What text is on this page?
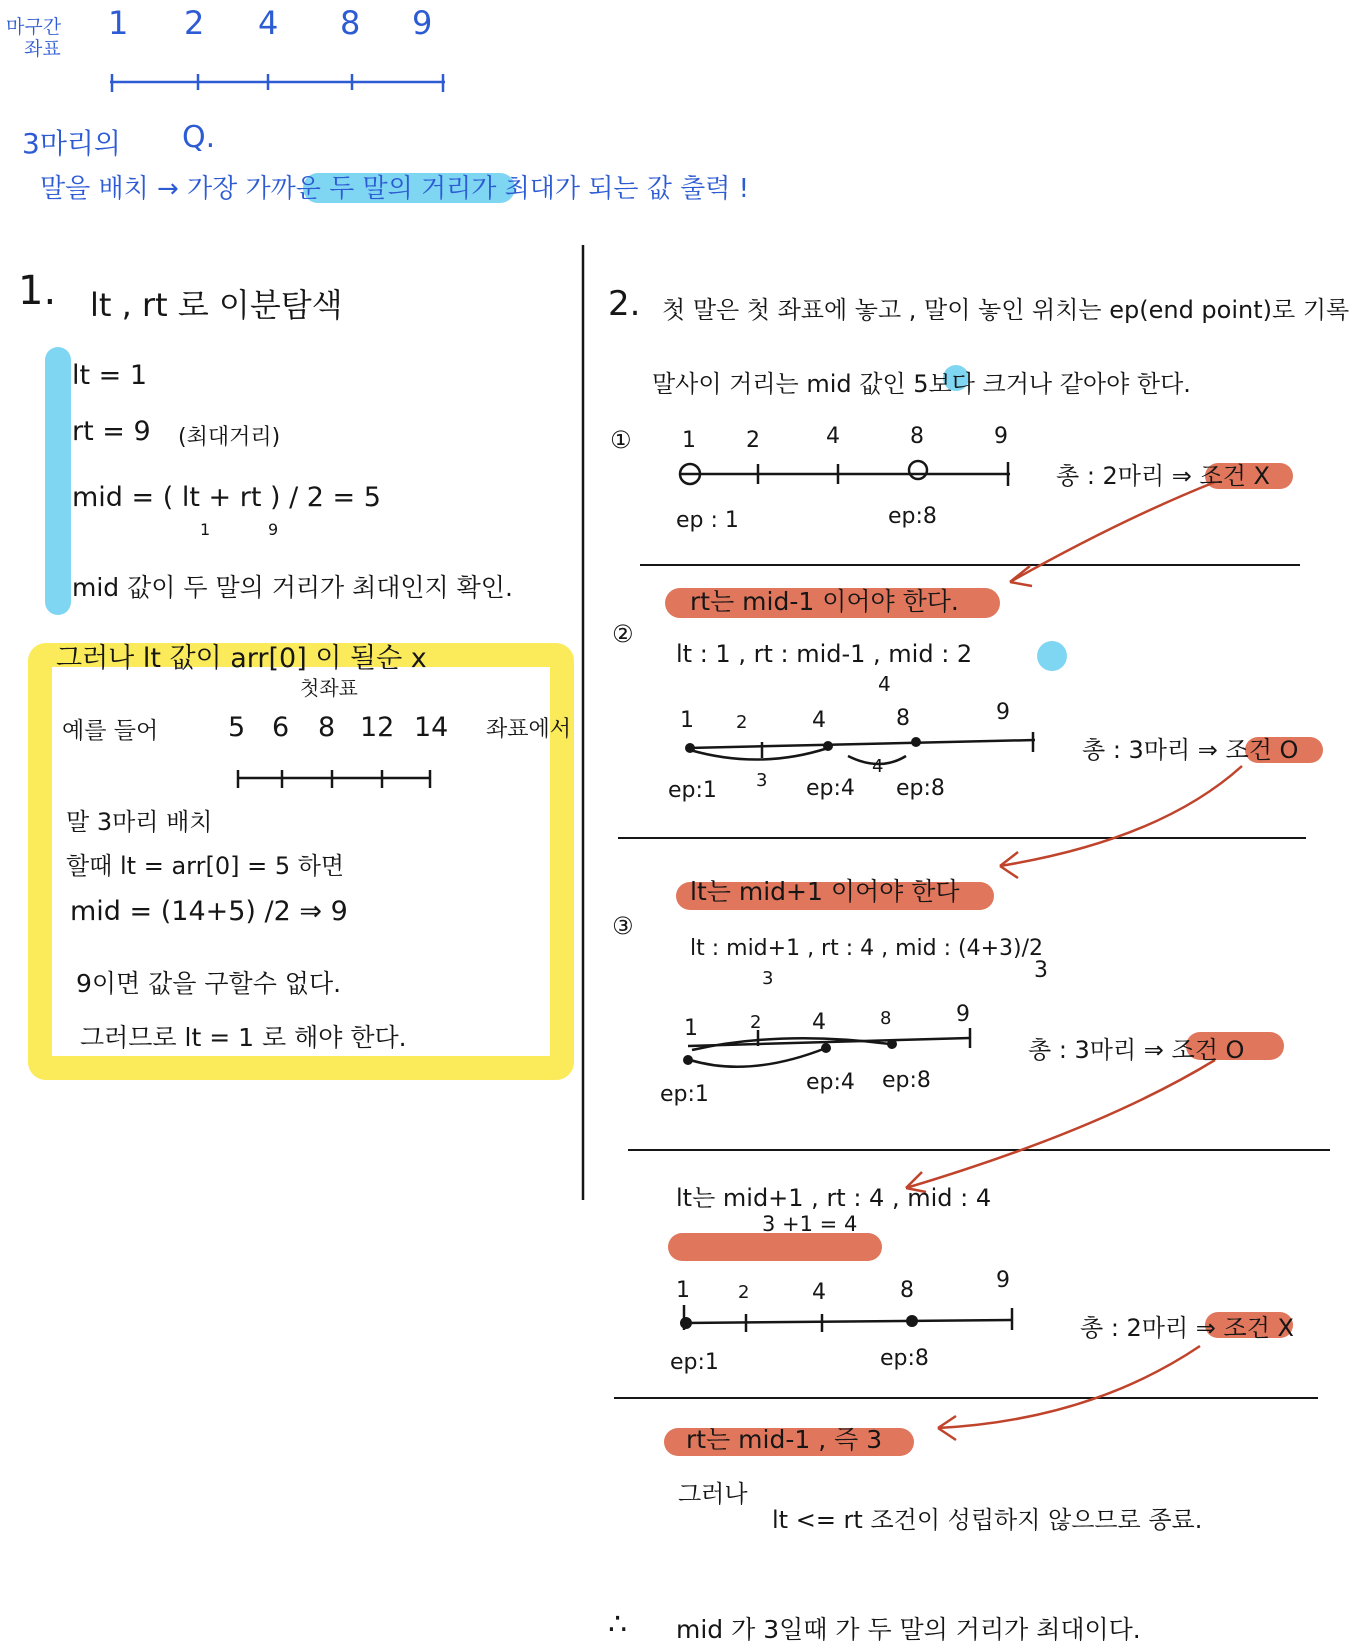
마구간
좌표
1 2 4 8 9
3마리의 Q.
말을 배치 → 가장 가까운 두 말의 거리가 최대가 되는 값 출력 !
1. lt , rt 로 이분탐색
lt = 1
rt = 9 (최대거리)
mid = ( lt + rt ) / 2 = 5
1	9
mid 값이 두 말의 거리가 최대인지 확인.
그러나 lt 값이 arr[0] 이 될순 x
첫좌표
예를 들어	5 6 8 12 14 좌표에서
말 3마리 배치
할때 lt = arr[0] = 5 하면
mid = (14+5) /2 ⇒ 9
9이면 값을 구할수 없다.
그러므로 lt = 1 로 해야 한다.
2. 첫 말은 첫 좌표에 놓고 , 말이 놓인 위치는 ep(end point)로 기록
말사이 거리는 mid 값인 5보다 크거나 같아야 한다.
① 1 2	4	8	9
ep : 1	ep:8
총 : 2마리 ⇒ 조건 X
rt는 mid-1 이어야 한다.
②
lt : 1 , rt : mid-1 , mid : 2
4
1 2	4	8	9
3
4
ep:1	ep:4 ep:8
총 : 3마리 ⇒ 조건 O
lt는 mid+1 이어야 한다
③
lt : mid+1 , rt : 4 , mid : (4+3)/2
3	3
1	2 4	8	9
ep:1	ep:4 ep:8
총 : 3마리 ⇒ 조건 O
lt는 mid+1 , rt : 4 , mid : 4
3 +1 = 4
1	2	4	8	9
ep:1	ep:8
총 : 2마리 ⇒ 조건 X
rt는 mid-1 , 즉 3
그러나
lt <= rt 조건이 성립하지 않으므로 종료.
∴ mid 가 3일때 가 두 말의 거리가 최대이다.
